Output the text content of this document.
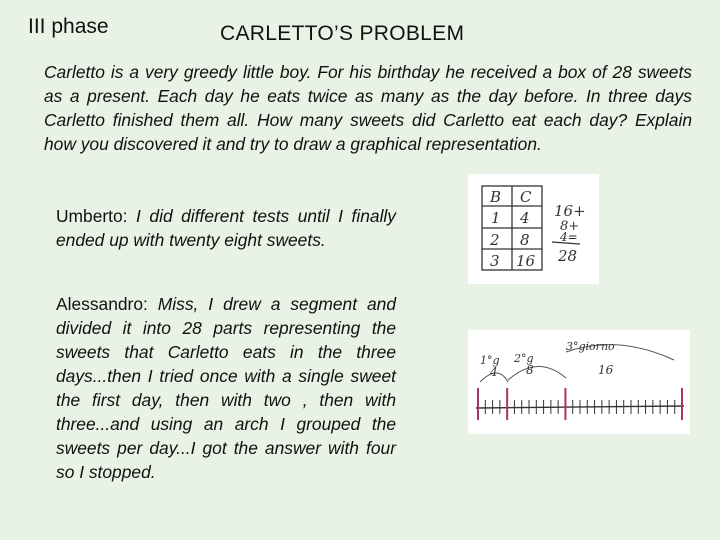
III phase	CARLETTO’S PROBLEM
Carletto is a very greedy little boy. For his birthday he received a box of 28 sweets as a present. Each day he eats twice as many as the day before. In three days Carletto finished them all. How many sweets did Carletto eat each day? Explain how you discovered it and try to draw a graphical representation.
Umberto: I did different tests until I finally ended up with twenty eight sweets.
Alessandro: Miss, I drew a segment and divided it into 28 parts representing the sweets that Carletto eats in the three days...then I tried once with a single sweet the first day, then with two , then with three...and using an arch I grouped the sweets per day...I got the answer with four so I stopped.
B C
1 4
2 8
3 16
16+
8+
4=
28
1°g 2°g
3°giorno
4 8	16
